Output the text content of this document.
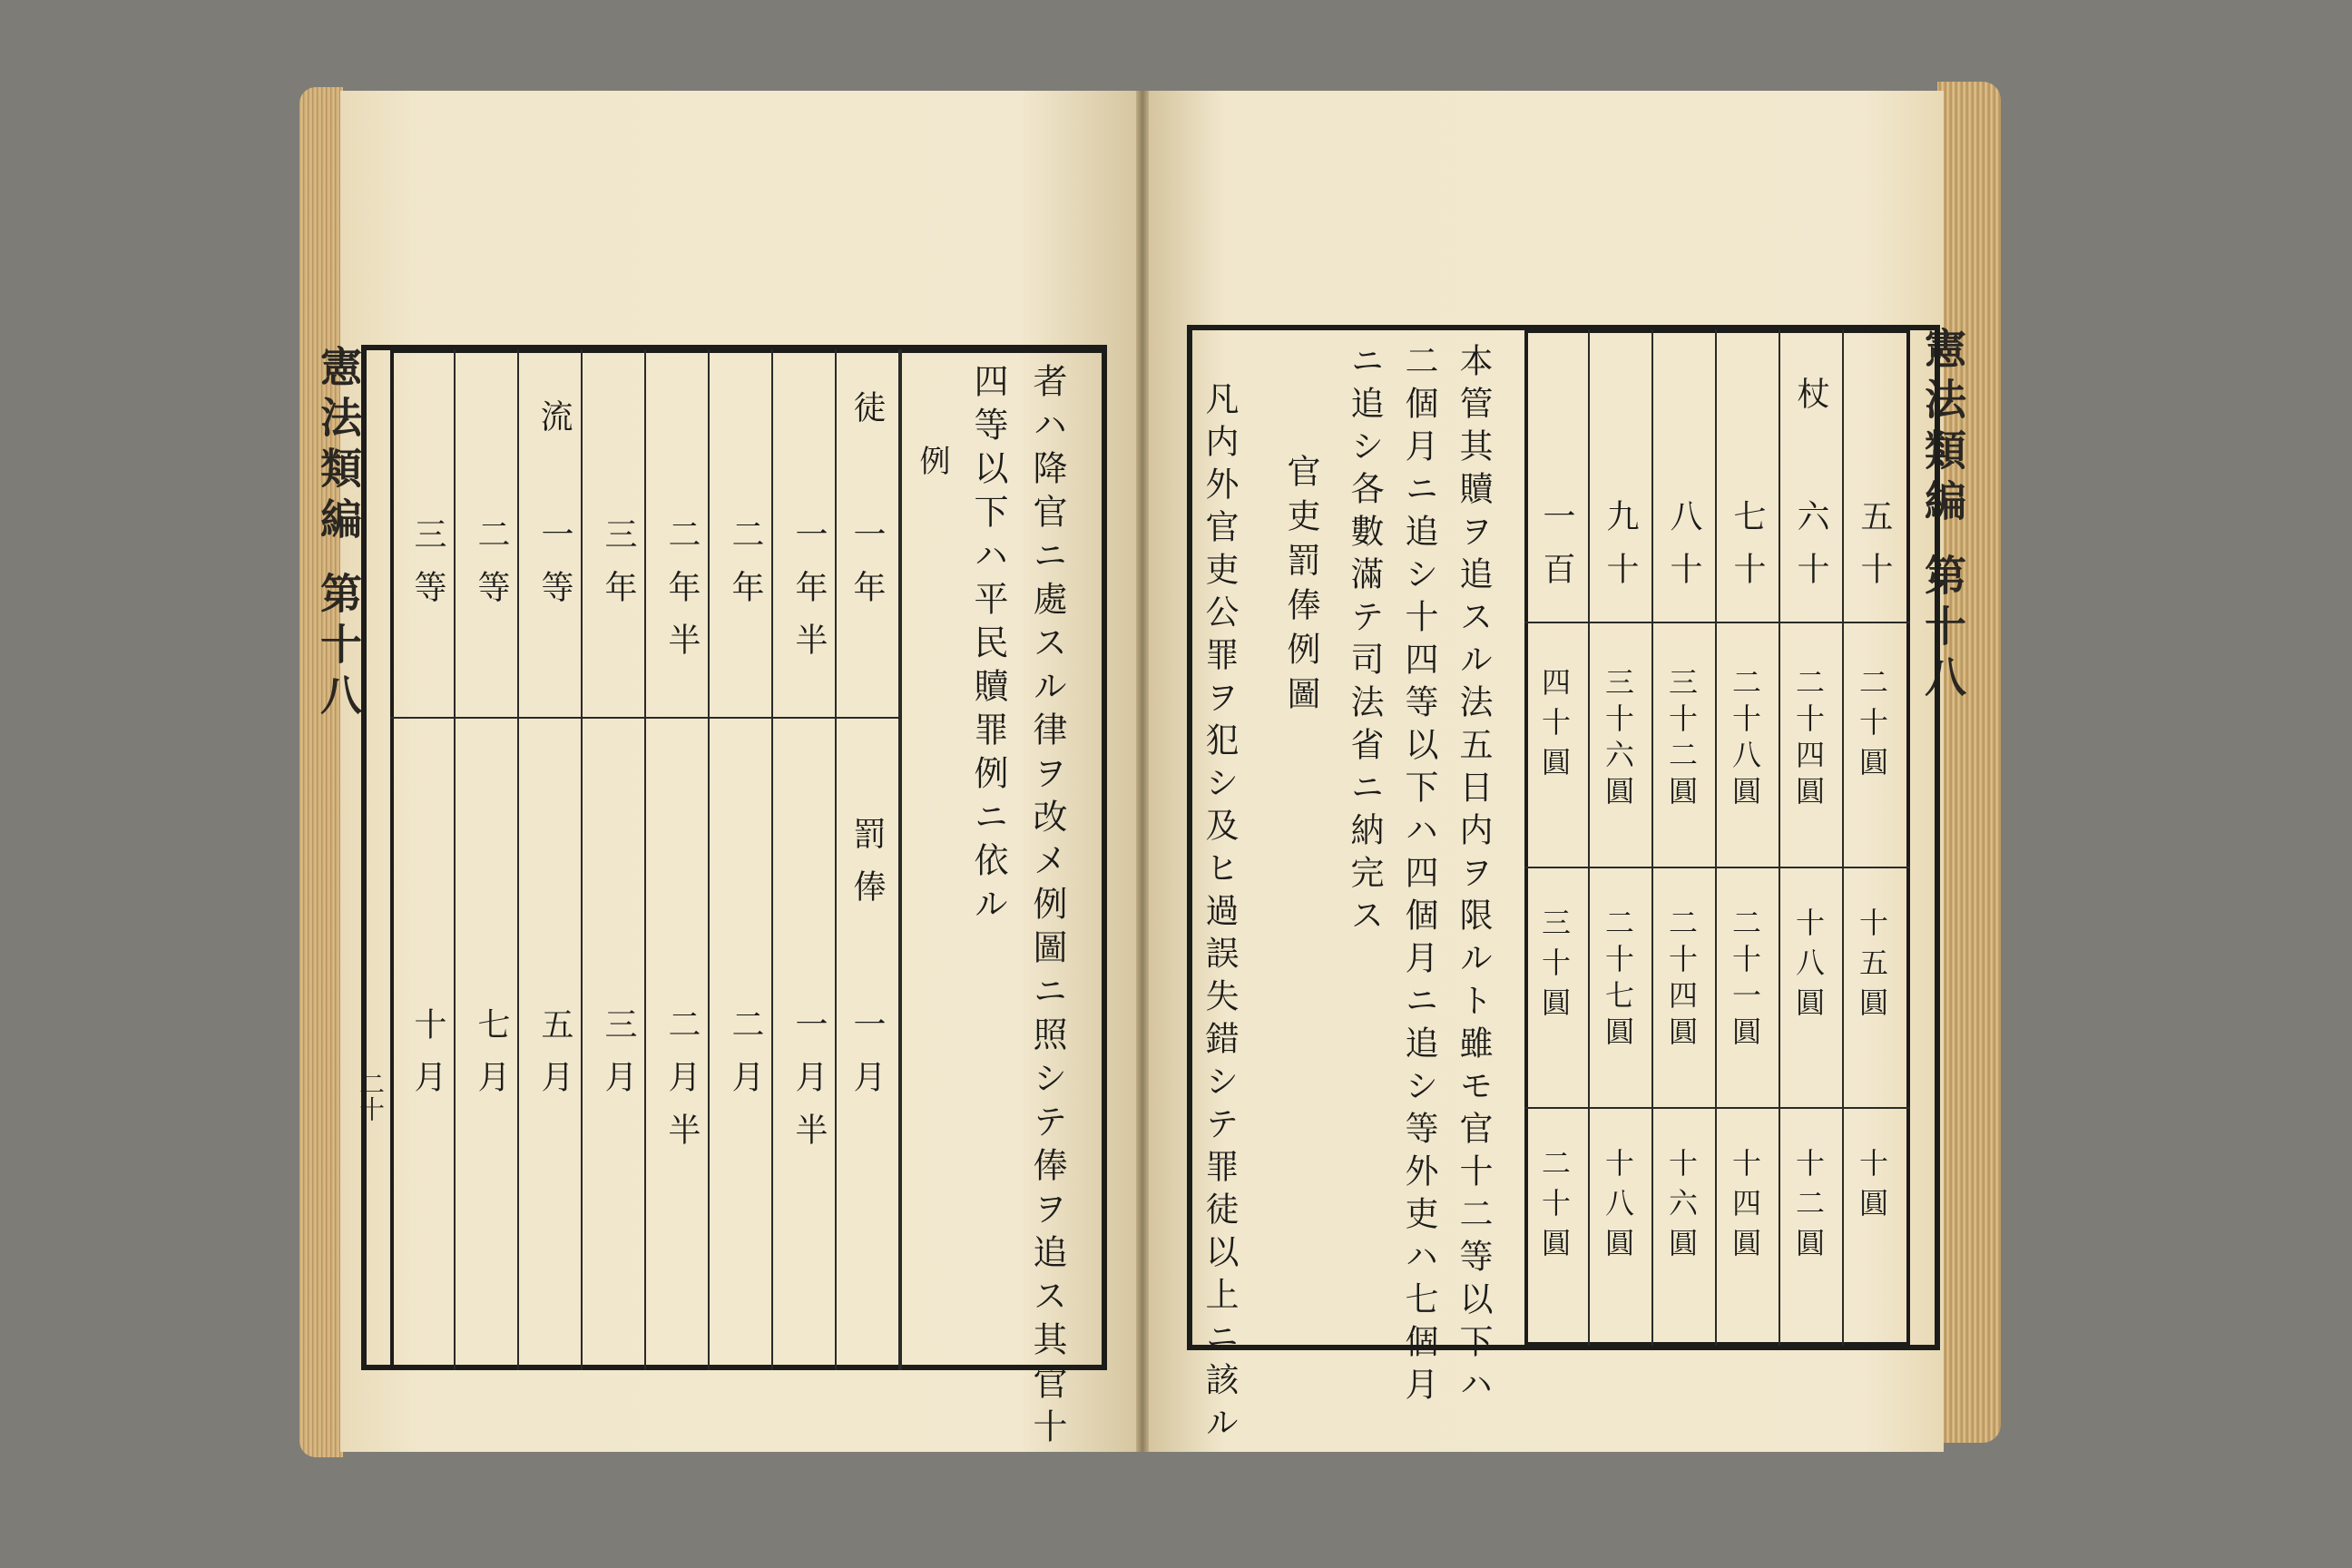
憲法類編 第十八	憲法類編 第十八
二十
徒
流
罰俸
一年
一月
一年半
一月半
二年
二月
二年半
二月半
三年
三月
一等
五月
二等
七月
三等
十月	者ハ降官ニ處スル律ヲ改メ例圖ニ照シテ俸ヲ追ス其官十
四等以下ハ平民贖罪例ニ依ル
例
杖
五十
二十圓
十五圓
十圓
六十
二十四圓
十八圓
十二圓
七十
二十八圓
二十一圓
十四圓
八十
三十二圓
二十四圓
十六圓
九十
三十六圓
二十七圓
十八圓
一百
四十圓
三十圓
二十圓
本管其贖ヲ追スル法五日内ヲ限ルト雖モ官十二等以下ハ
二個月ニ追シ十四等以下ハ四個月ニ追シ等外吏ハ七個月
ニ追シ各數滿テ司法省ニ納完ス
官吏罰俸例圖
凡内外官吏公罪ヲ犯シ及ヒ過誤失錯シテ罪徒以上ニ該ル
